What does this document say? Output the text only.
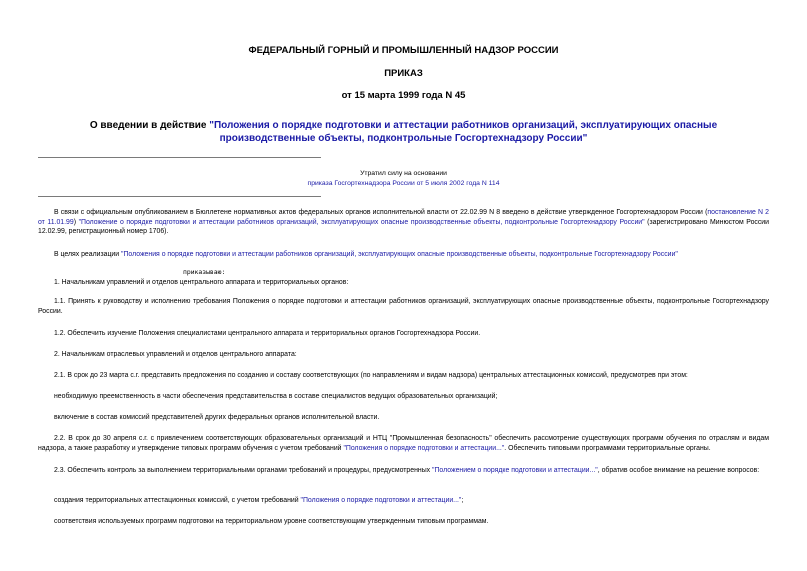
ФЕДЕРАЛЬНЫЙ ГОРНЫЙ И ПРОМЫШЛЕННЫЙ НАДЗОР РОССИИ
ПРИКАЗ
от 15 марта 1999 года N 45
О введении в действие "Положения о порядке подготовки и аттестации работников организаций, эксплуатирующих опасные производственные объекты, подконтрольные Госгортехнадзору России"
Утратил силу на основании
приказа Госгортехнадзора России от 5 июля 2002 года N 114
В связи с официальным опубликованием в Бюллетене нормативных актов федеральных органов исполнительной власти от 22.02.99 N 8 введено в действие утвержденное Госгортехнадзором России (постановление N 2 от 11.01.99) "Положение о порядке подготовки и аттестации работников организаций, эксплуатирующих опасные производственные объекты, подконтрольные Госгортехнадзору России" (зарегистрировано Минюстом России 12.02.99, регистрационный номер 1706).
В целях реализации "Положения о порядке подготовки и аттестации работников организаций, эксплуатирующих опасные производственные объекты, подконтрольные Госгортехнадзору России"
приказываю:
1. Начальникам управлений и отделов центрального аппарата и территориальных органов:
1.1. Принять к руководству и исполнению требования Положения о порядке подготовки и аттестации работников организаций, эксплуатирующих опасные производственные объекты, подконтрольные Госгортехнадзору России.
1.2. Обеспечить изучение Положения специалистами центрального аппарата и территориальных органов Госгортехнадзора России.
2. Начальникам отраслевых управлений и отделов центрального аппарата:
2.1. В срок до 23 марта с.г. представить предложения по созданию и составу соответствующих (по направлениям и видам надзора) центральных аттестационных комиссий, предусмотрев при этом:
необходимую преемственность в части обеспечения представительства в составе специалистов ведущих образовательных организаций;
включение в состав комиссий представителей других федеральных органов исполнительной власти.
2.2. В срок до 30 апреля с.г. с привлечением соответствующих образовательных организаций и НТЦ "Промышленная безопасность" обеспечить рассмотрение существующих программ обучения по отраслям и видам надзора, а также разработку и утверждение типовых программ обучения с учетом требований "Положения о порядке подготовки и аттестации...". Обеспечить типовыми программами территориальные органы.
2.3. Обеспечить контроль за выполнением территориальными органами требований и процедуры, предусмотренных "Положением о порядке подготовки и аттестации...", обратив особое внимание на решение вопросов:
создания территориальных аттестационных комиссий, с учетом требований "Положения о порядке подготовки и аттестации...";
соответствия используемых программ подготовки на территориальном уровне соответствующим утвержденным типовым программам.
